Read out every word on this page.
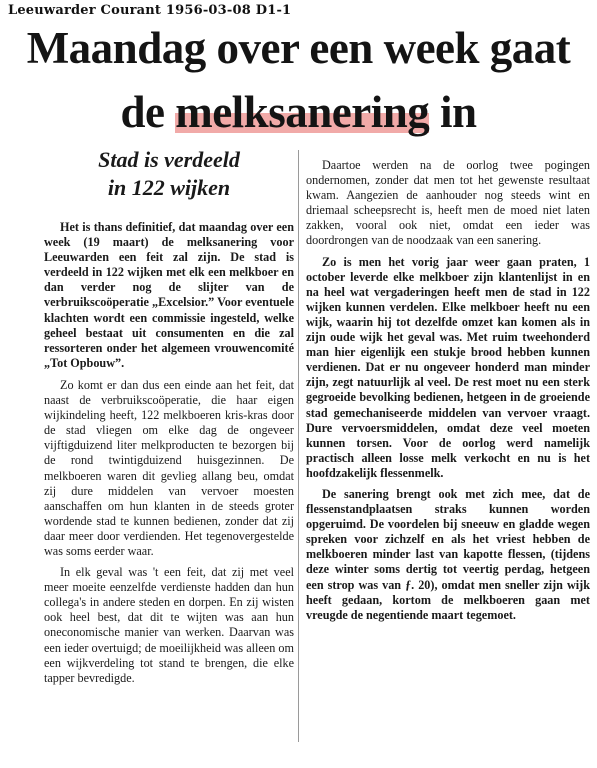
Leeuwarder Courant 1956-03-08 D1-1
Maandag over een week gaat
de melksanering in
Stad is verdeeld
in 122 wijken

Het is thans definitief, dat maandag over een week (19 maart) de melksanering voor Leeuwarden een feit zal zijn. De stad is verdeeld in 122 wijken met elk een melkboer en dan verder nog de slijter van de verbruikscoöperatie „Excelsior.” Voor eventuele klachten wordt een commissie ingesteld, welke geheel bestaat uit consumenten en die zal ressorteren onder het algemeen vrouwencomité „Tot Opbouw”.

Zo komt er dan dus een einde aan het feit, dat naast de verbruikscoöperatie, die haar eigen wijkindeling heeft, 122 melkboeren kris-kras door de stad vliegen om elke dag de ongeveer vijftigduizend liter melkproducten te bezorgen bij de rond twintigduizend huisgezinnen. De melkboeren waren dit gevlieg allang beu, omdat zij dure middelen van vervoer moesten aanschaffen om hun klanten in de steeds groter wordende stad te kunnen bedienen, zonder dat zij daar meer door verdienden. Het tegenovergestelde was soms eerder waar.

In elk geval was 't een feit, dat zij met veel meer moeite eenzelfde verdienste hadden dan hun collega's in andere steden en dorpen. En zij wisten ook heel best, dat dit te wijten was aan hun oneconomische manier van werken. Daarvan was een ieder overtuigd; de moeilijkheid was alleen om een wijkverdeling tot stand te brengen, die elke tapper bevredigde.

Daartoe werden na de oorlog twee pogingen ondernomen, zonder dat men tot het gewenste resultaat kwam. Aangezien de aanhouder nog steeds wint en driemaal scheepsrecht is, heeft men de moed niet laten zakken, vooral ook niet, omdat een ieder was doordrongen van de noodzaak van een sanering.

Zo is men het vorig jaar weer gaan praten, 1 october leverde elke melkboer zijn klantenlijst in en na heel wat vergaderingen heeft men de stad in 122 wijken kunnen verdelen. Elke melkboer heeft nu een wijk, waarin hij tot dezelfde omzet kan komen als in zijn oude wijk het geval was. Met ruim tweehonderd man hier eigenlijk een stukje brood hebben kunnen verdienen. Dat er nu ongeveer honderd man minder zijn, zegt natuurlijk al veel. De rest moet nu een sterk gegroeide bevolking bedienen, hetgeen in de groeiende stad gemechaniseerde middelen van vervoer vraagt. Dure vervoersmiddelen, omdat deze veel moeten kunnen torsen. Voor de oorlog werd namelijk practisch alleen losse melk verkocht en nu is het hoofdzakelijk flessenmelk.

De sanering brengt ook met zich mee, dat de flessenstandplaatsen straks kunnen worden opgeruimd. De voordelen bij sneeuw en gladde wegen spreken voor zichzelf en als het vriest hebben de melkboeren minder last van kapotte flessen, (tijdens deze winter soms dertig tot veertig perdag, hetgeen een strop was van ƒ. 20), omdat men sneller zijn wijk heeft gedaan, kortom de melkboeren gaan met vreugde de negentiende maart tegemoet.
